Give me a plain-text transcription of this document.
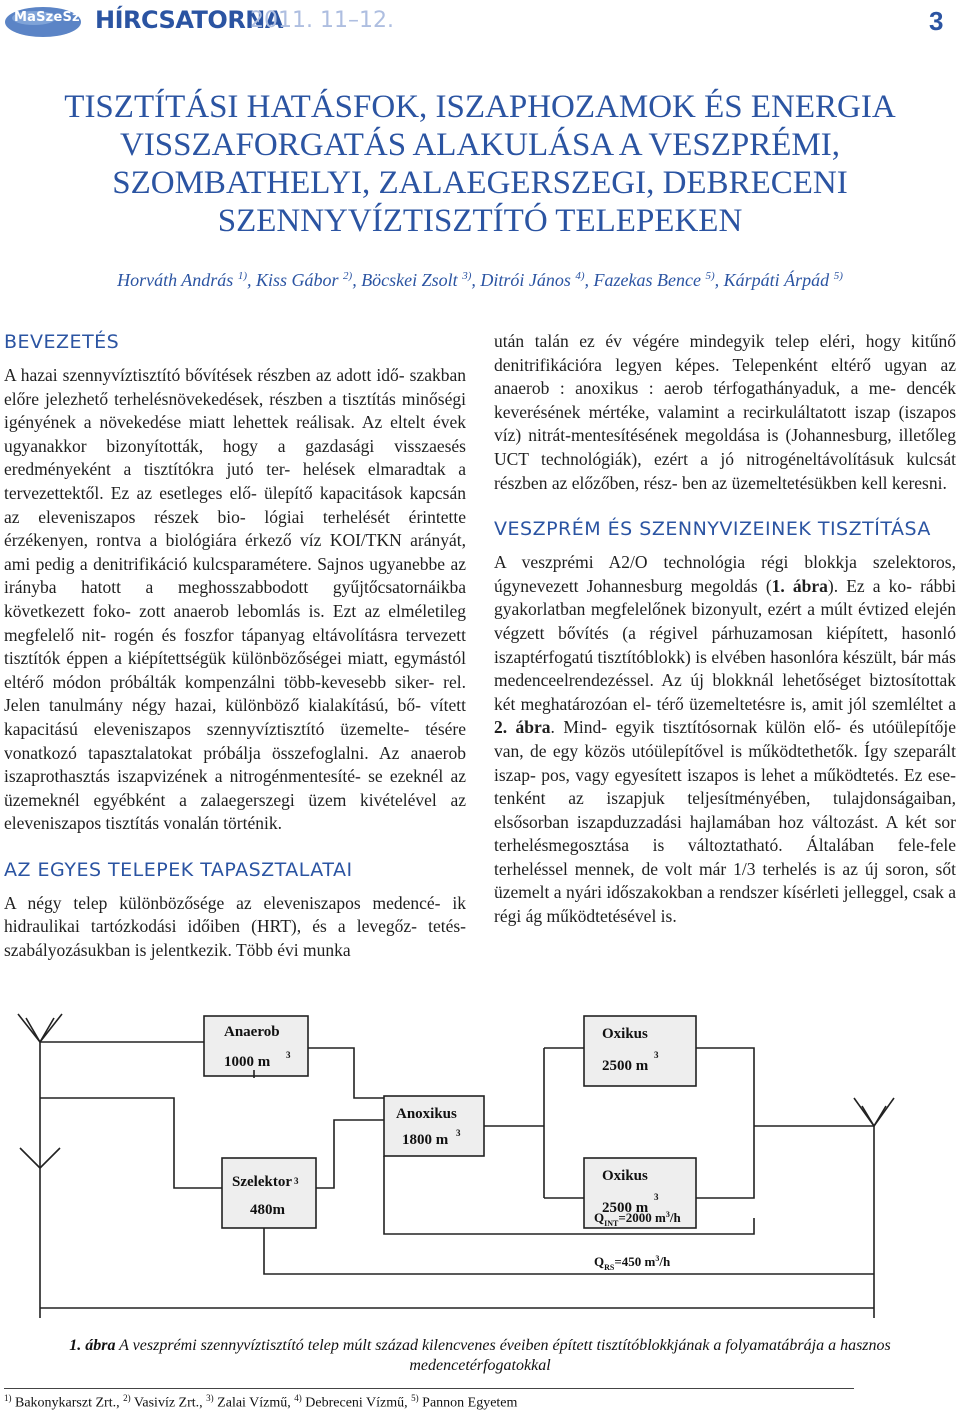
MaSzeSz HÍRCSATORNA
2011. 11–12.	3
TISZTÍTÁSI HATÁSFOK, ISZAPHOZAMOK ÉS ENERGIA
VISSZAFORGATÁS ALAKULÁSA A VESZPRÉMI,
SZOMBATHELYI, ZALAEGERSZEGI, DEBRECENI
SZENNYVÍZTISZTÍTÓ TELEPEKEN
Horváth András $^{1)}$, Kiss Gábor $^{2)}$, Böcskei Zsolt $^{3)}$, Ditrói János $^{4)}$, Fazekas Bence $^{5)}$, Kárpáti Árpád $^{5)}$
BEVEZETÉS

A hazai szennyvíztisztító bővítések részben az adott idő- szakban előre jelezhető terhelésnövekedések, részben a tisztítás minőségi igényének a növekedése miatt lehettek reálisak. Az eltelt évek ugyanakkor bizonyították, hogy a gazdasági visszaesés eredményeként a tisztítókra jutó ter- helések elmaradtak a tervezettektől. Ez az esetleges elő- ülepítő kapacitások kapcsán az eleveniszapos részek bio- lógiai terhelését érintette érzékenyen, rontva a biológiára érkező víz KOI/TKN arányát, ami pedig a denitrifikáció kulcsparamétere. Sajnos ugyanebbe az irányba hatott a meghosszabbodott gyűjtőcsatornáikba következett foko- zott anaerob lebomlás is. Ezt az elméletileg megfelelő nit- rogén és foszfor tápanyag eltávolításra tervezett tisztítók éppen a kiépítettségük különbözőségei miatt, egymástól eltérő módon próbálták kompenzálni több-kevesebb siker- rel. Jelen tanulmány négy hazai, különböző kialakítású, bő- vített kapacitású eleveniszapos szennyvíztisztító üzemelte- tésére vonatkozó tapasztalatokat próbálja összefoglalni. Az anaerob iszaprothasztás iszapvizének a nitrogénmentesíté- se ezeknél az üzemeknél egyébként a zalaegerszegi üzem kivételével az eleveniszapos tisztítás vonalán történik.

AZ EGYES TELEPEK TAPASZTALATAI

A négy telep különbözősége az eleveniszapos medencé- ik hidraulikai tartózkodási időiben (HRT), és a levegőz- tetés-szabályozásukban is jelentkezik. Több évi munka

után talán ez év végére mindegyik telep eléri, hogy kitűnő denitrifikációra legyen képes. Telepenként eltérő ugyan az anaerob : anoxikus : aerob térfogathányaduk, a me- dencék keverésének mértéke, valamint a recirkuláltatott iszap (iszapos víz) nitrát-mentesítésének megoldása is (Johannesburg, illetőleg UCT technológiák), ezért a jó nitrogéneltávolításuk kulcsát részben az előzőben, rész- ben az üzemeltetésükben kell keresni.

VESZPRÉM ÉS SZENNYVIZEINEK TISZTÍTÁSA

A veszprémi A2/O technológia régi blokkja szelektoros, úgynevezett Johannesburg megoldás (1. ábra). Ez a ko- rábbi gyakorlatban megfelelőnek bizonyult, ezért a múlt évtized elején végzett bővítés (a régivel párhuzamosan kiépített, hasonló iszaptérfogatú tisztítóblokk) is elvében hasonlóra készült, bár más medenceelrendezéssel. Az új blokknál lehetőséget biztosítottak két meghatározóan el- térő üzemeltetésre is, amit jól szemléltet a 2. ábra. Mind- egyik tisztítósornak külön elő- és utóülepítője van, de egy közös utóülepítővel is működtethetők. Így szeparált iszap- pos, vagy egyesített iszapos is lehet a működtetés. Ez ese- tenként az iszapjuk teljesítményében, tulajdonságaiban, elsősorban iszapduzzadási hajlamában hoz változást. A két sor terhelésmegosztása is változtatható. Általában fele-fele terheléssel mennek, de volt már 1/3 terhelés is az új soron, sőt üzemelt a nyári időszakokban a rendszer kísérleti jelleggel, csak a régi ág működtetésével is.

Anaerob
1000 m 3
Anoxikus
1800 m 3
Szelektor
480m
3
Oxikus
2500 m
3
Oxikus
2500 m
3
$Q_{INT}=2000$ $m^3/h$
$Q_{RS}=450$ $m^3/h$
1. ábra A veszprémi szennyvíztisztító telep múlt század kilencvenes éveiben épített tisztítóblokkjának a folyamatábrája a hasznos
medencetérfogatokkal
$^{1)}$ Bakonykarszt Zrt., $^{2)}$ Vasivíz Zrt., $^{3)}$ Zalai Vízmű, $^{4)}$ Debreceni Vízmű, $^{5)}$ Pannon Egyetem
